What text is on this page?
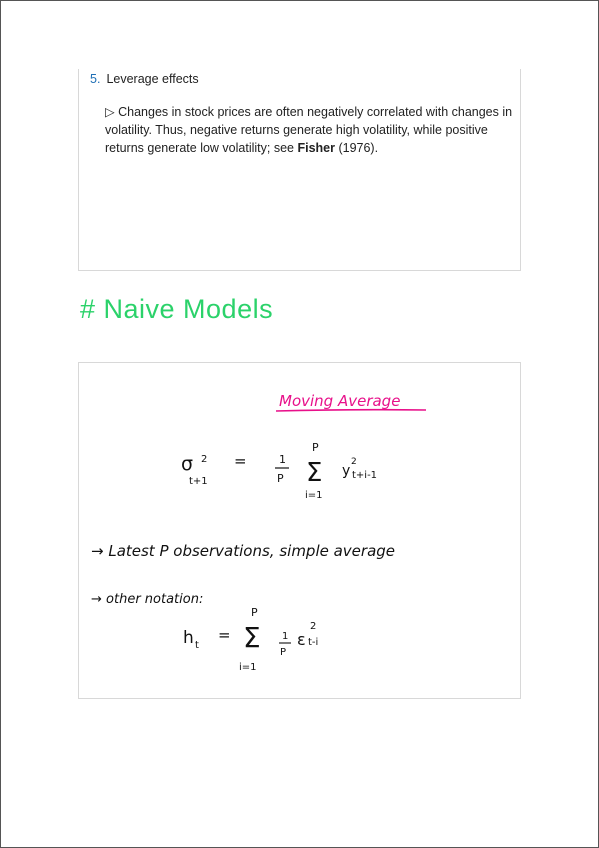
5. Leverage effects
▷ Changes in stock prices are often negatively correlated with changes in volatility. Thus, negative returns generate high volatility, while positive returns generate low volatility; see Fisher (1976).
# Naive Models
Moving Average
σ 2
t+1
=	1
P
P
Σ
i=1
y
2
t+i-1
→ Latest P observations, simple average
→ other notation:
h t
=
P
Σ
i=1
1
P
ε
2
t-i
